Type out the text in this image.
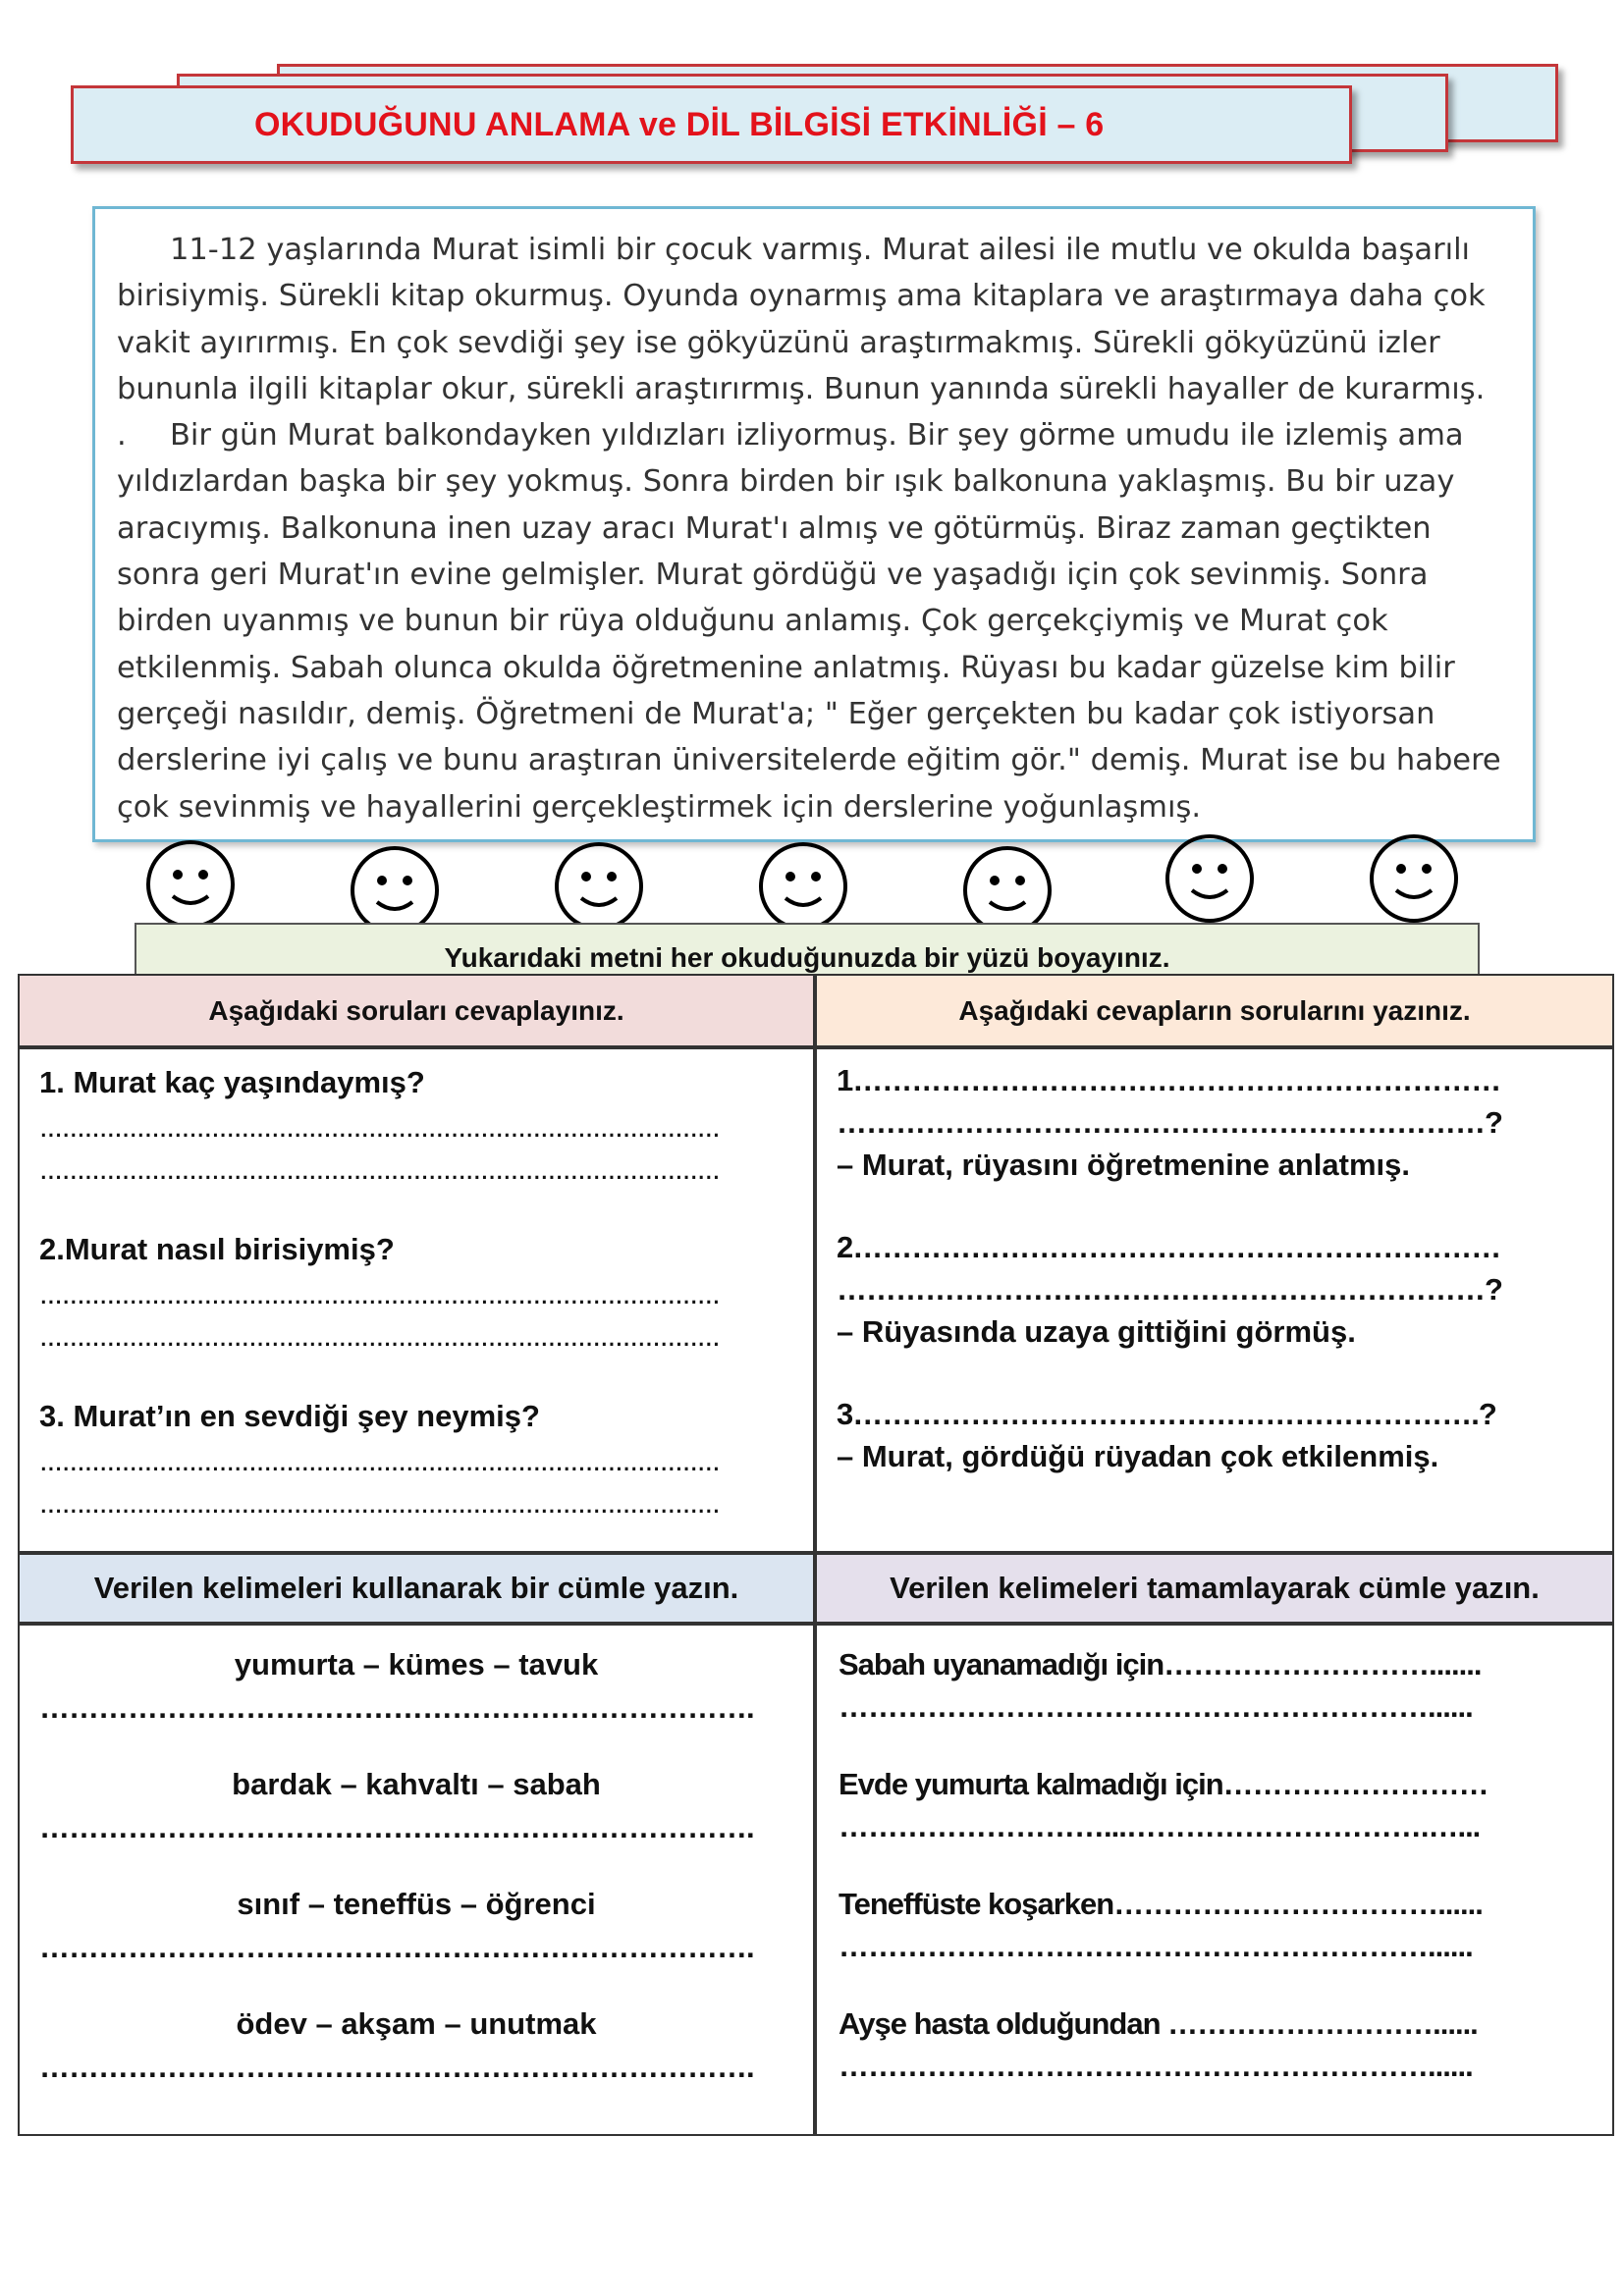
OKUDUĞUNU ANLAMA ve DİL BİLGİSİ ETKİNLİĞİ – 6

11-12 yaşlarında Murat isimli bir çocuk varmış. Murat ailesi ile mutlu ve okulda başarılı birisiymiş. Sürekli kitap okurmuş. Oyunda oynarmış ama kitaplara ve araştırmaya daha çok vakit ayırırmış. En çok sevdiği şey ise gökyüzünü araştırmakmış. Sürekli gökyüzünü izler bununla ilgili kitaplar okur, sürekli araştırırmış. Bunun yanında sürekli hayaller de kurarmış.
. Bir gün Murat balkondayken yıldızları izliyormuş. Bir şey görme umudu ile izlemiş ama yıldızlardan başka bir şey yokmuş. Sonra birden bir ışık balkonuna yaklaşmış. Bu bir uzay aracıymış. Balkonuna inen uzay aracı Murat'ı almış ve götürmüş. Biraz zaman geçtikten sonra geri Murat'ın evine gelmişler. Murat gördüğü ve yaşadığı için çok sevinmiş. Sonra birden uyanmış ve bunun bir rüya olduğunu anlamış. Çok gerçekçiymiş ve Murat çok etkilenmiş. Sabah olunca okulda öğretmenine anlatmış. Rüyası bu kadar güzelse kim bilir gerçeği nasıldır, demiş. Öğretmeni de Murat'a; " Eğer gerçekten bu kadar çok istiyorsan derslerine iyi çalış ve bunu araştıran üniversitelerde eğitim gör." demiş. Murat ise bu habere çok sevinmiş ve hayallerini gerçekleştirmek için derslerine yoğunlaşmış.

Yukarıdaki metni her okuduğunuzda bir yüzü boyayınız.
Aşağıdaki soruları cevaplayınız.	Aşağıdaki cevapların sorularını yazınız.
1. Murat kaç yaşındaymış?
...........................................................................................
...........................................................................................
2.Murat nasıl birisiymiş?
...........................................................................................
...........................................................................................
3. Murat’ın en sevdiği şey neymiş?
...........................................................................................
...........................................................................................
1…………………………………………………………
…………………………………………………………?
– Murat, rüyasını öğretmenine anlatmış.
2…………………………………………………………
…………………………………………………………?
– Rüyasında uzaya gittiğini görmüş.
3……………………………………………………….?
– Murat, gördüğü rüyadan çok etkilenmiş.
Verilen kelimeleri kullanarak bir cümle yazın.	Verilen kelimeleri tamamlayarak cümle yazın.
yumurta – kümes – tavuk
……………………………………………………………….
bardak – kahvaltı – sabah
……………………………………………………………….
sınıf – teneffüs – öğrenci
……………………………………………………………….
ödev – akşam – unutmak
……………………………………………………………….
Sabah uyanamadığı için……………………….......
……………………………………………………......
Evde yumurta kalmadığı için………………………
………………………...………………………….…...
Teneffüste koşarken……………………………......
……………………………………………………......
Ayşe hasta olduğundan ………………………......
……………………………………………………......
